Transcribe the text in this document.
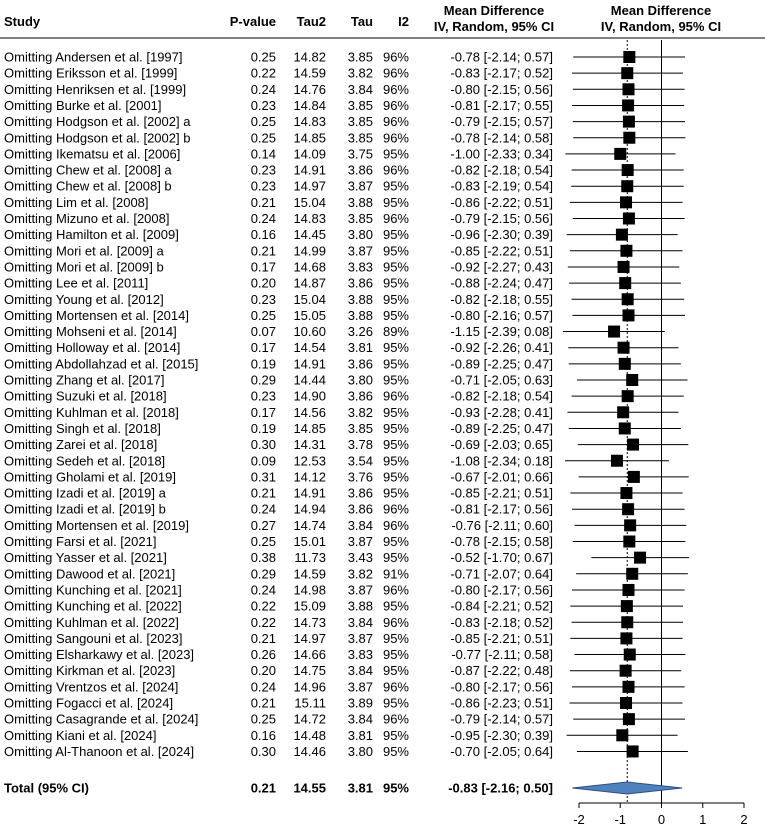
Study	P-value Tau2 Tau I2
Mean Difference
IV, Random, 95% CI
Mean Difference
IV, Random, 95% CI
Omitting Andersen et al. [1997]	0.25 14.82 3.85 96%	-0.78 [-2.14; 0.57]
Omitting Eriksson et al. [1999]	0.22 14.59 3.82 96%	-0.83 [-2.17; 0.52]
Omitting Henriksen et al. [1999]	0.24 14.76 3.84 96%	-0.80 [-2.15; 0.56]
Omitting Burke et al. [2001]	0.23 14.84 3.85 96%	-0.81 [-2.17; 0.55]
Omitting Hodgson et al. [2002] a	0.25 14.83 3.85 96%	-0.79 [-2.15; 0.57]
Omitting Hodgson et al. [2002] b	0.25 14.85 3.85 96%	-0.78 [-2.14; 0.58]
Omitting Ikematsu et al. [2006]	0.14 14.09 3.75 95%	-1.00 [-2.33; 0.34]
Omitting Chew et al. [2008] a	0.23 14.91 3.86 96%	-0.82 [-2.18; 0.54]
Omitting Chew et al. [2008] b	0.23 14.97 3.87 95%	-0.83 [-2.19; 0.54]
Omitting Lim et al. [2008]	0.21 15.04 3.88 95%	-0.86 [-2.22; 0.51]
Omitting Mizuno et al. [2008]	0.24 14.83 3.85 96%	-0.79 [-2.15; 0.56]
Omitting Hamilton et al. [2009]	0.16 14.45 3.80 95%	-0.96 [-2.30; 0.39]
Omitting Mori et al. [2009] a	0.21 14.99 3.87 95%	-0.85 [-2.22; 0.51]
Omitting Mori et al. [2009] b	0.17 14.68 3.83 95%	-0.92 [-2.27; 0.43]
Omitting Lee et al. [2011]	0.20 14.87 3.86 95%	-0.88 [-2.24; 0.47]
Omitting Young et al. [2012]	0.23 15.04 3.88 95%	-0.82 [-2.18; 0.55]
Omitting Mortensen et al. [2014]	0.25 15.05 3.88 95%	-0.80 [-2.16; 0.57]
Omitting Mohseni et al. [2014]	0.07 10.60 3.26 89%	-1.15 [-2.39; 0.08]
Omitting Holloway et al. [2014]	0.17 14.54 3.81 95%	-0.92 [-2.26; 0.41]
Omitting Abdollahzad et al. [2015]	0.19 14.91 3.86 95%	-0.89 [-2.25; 0.47]
Omitting Zhang et al. [2017]	0.29 14.44 3.80 95%	-0.71 [-2.05; 0.63]
Omitting Suzuki et al. [2018]	0.23 14.90 3.86 96%	-0.82 [-2.18; 0.54]
Omitting Kuhlman et al. [2018]	0.17 14.56 3.82 95%	-0.93 [-2.28; 0.41]
Omitting Singh et al. [2018]	0.19 14.85 3.85 95%	-0.89 [-2.25; 0.47]
Omitting Zarei et al. [2018]	0.30 14.31 3.78 95%	-0.69 [-2.03; 0.65]
Omitting Sedeh et al. [2018]	0.09 12.53 3.54 95%	-1.08 [-2.34; 0.18]
Omitting Gholami et al. [2019]	0.31 14.12 3.76 95%	-0.67 [-2.01; 0.66]
Omitting Izadi et al. [2019] a	0.21 14.91 3.86 95%	-0.85 [-2.21; 0.51]
Omitting Izadi et al. [2019] b	0.24 14.94 3.86 96%	-0.81 [-2.17; 0.56]
Omitting Mortensen et al. [2019]	0.27 14.74 3.84 96%	-0.76 [-2.11; 0.60]
Omitting Farsi et al. [2021]	0.25 15.01 3.87 95%	-0.78 [-2.15; 0.58]
Omitting Yasser et al. [2021]	0.38 11.73 3.43 95%	-0.52 [-1.70; 0.67]
Omitting Dawood et al. [2021]	0.29 14.59 3.82 91%	-0.71 [-2.07; 0.64]
Omitting Kunching et al. [2021]	0.24 14.98 3.87 96%	-0.80 [-2.17; 0.56]
Omitting Kunching et al. [2022]	0.22 15.09 3.88 95%	-0.84 [-2.21; 0.52]
Omitting Kuhlman et al. [2022]	0.22 14.73 3.84 96%	-0.83 [-2.18; 0.52]
Omitting Sangouni et al. [2023]	0.21 14.97 3.87 95%	-0.85 [-2.21; 0.51]
Omitting Elsharkawy et al. [2023]	0.26 14.66 3.83 95%	-0.77 [-2.11; 0.58]
Omitting Kirkman et al. [2023]	0.20 14.75 3.84 95%	-0.87 [-2.22; 0.48]
Omitting Vrentzos et al. [2024]	0.24 14.96 3.87 96%	-0.80 [-2.17; 0.56]
Omitting Fogacci et al. [2024]	0.21 15.11 3.89 95%	-0.86 [-2.23; 0.51]
Omitting Casagrande et al. [2024]	0.25 14.72 3.84 96%	-0.79 [-2.14; 0.57]
Omitting Kiani et al. [2024]	0.16 14.48 3.81 95%	-0.95 [-2.30; 0.39]
Omitting Al-Thanoon et al. [2024]	0.30 14.46 3.80 95%	-0.70 [-2.05; 0.64]
Total (95% CI)	0.21 14.55 3.81 95%	-0.83 [-2.16; 0.50]
-2 -1 0	1	2
